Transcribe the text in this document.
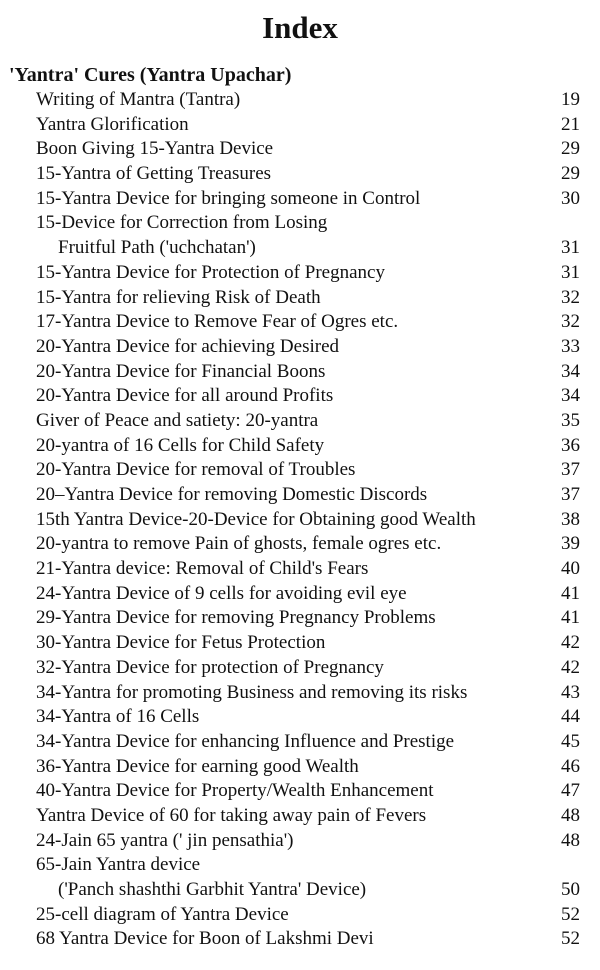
Index
'Yantra' Cures (Yantra Upachar)
Writing of Mantra (Tantra)	19
Yantra Glorification	21
Boon Giving 15-Yantra Device	29
15-Yantra of Getting Treasures	29
15-Yantra Device for bringing someone in Control	30
15-Device for Correction from Losing
Fruitful Path ('uchchatan')	31
15-Yantra Device for Protection of Pregnancy	31
15-Yantra for relieving Risk of Death	32
17-Yantra Device to Remove Fear of Ogres etc.	32
20-Yantra Device for achieving Desired	33
20-Yantra Device for Financial Boons	34
20-Yantra Device for all around Profits	34
Giver of Peace and satiety: 20-yantra	35
20-yantra of 16 Cells for Child Safety	36
20-Yantra Device for removal of Troubles	37
20–Yantra Device for removing Domestic Discords	37
15th Yantra Device-20-Device for Obtaining good Wealth	38
20-yantra to remove Pain of ghosts, female ogres etc.	39
21-Yantra device: Removal of Child's Fears	40
24-Yantra Device of 9 cells for avoiding evil eye	41
29-Yantra Device for removing Pregnancy Problems	41
30-Yantra Device for Fetus Protection	42
32-Yantra Device for protection of Pregnancy	42
34-Yantra for promoting Business and removing its risks	43
34-Yantra of 16 Cells	44
34-Yantra Device for enhancing Influence and Prestige	45
36-Yantra Device for earning good Wealth	46
40-Yantra Device for Property/Wealth Enhancement	47
Yantra Device of 60 for taking away pain of Fevers	48
24-Jain 65 yantra (' jin pensathia')	48
65-Jain Yantra device
('Panch shashthi Garbhit Yantra' Device)	50
25-cell diagram of Yantra Device	52
68 Yantra Device for Boon of Lakshmi Devi	52
